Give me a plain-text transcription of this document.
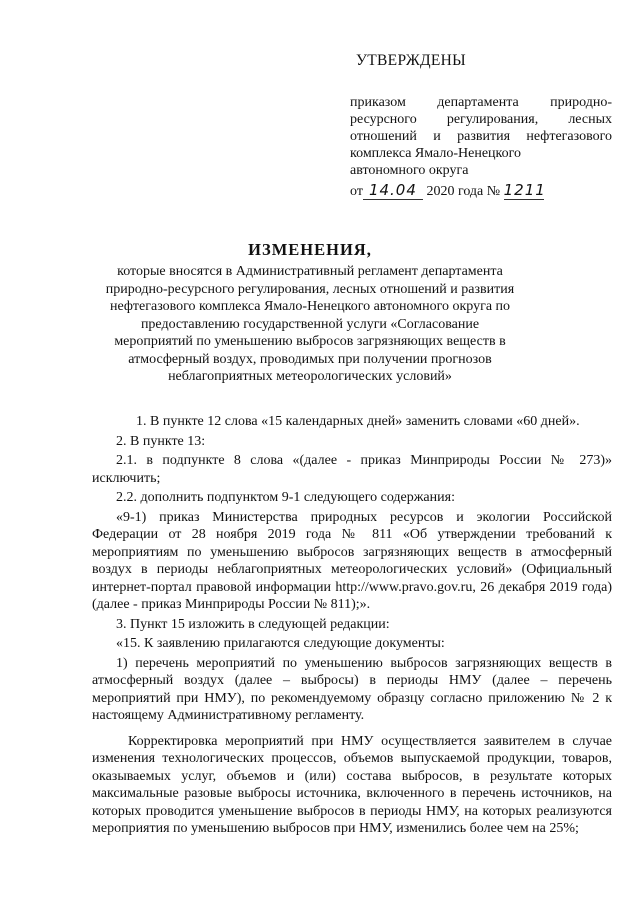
УТВЕРЖДЕНЫ
приказом департамента природно-
ресурсного регулирования, лесных
отношений и развития нефтегазового
комплекса Ямало-Ненецкого
автономного округа
от 14.04 2020 года № 1211
ИЗМЕНЕНИЯ,
которые вносятся в Административный регламент департамента природно-ресурсного регулирования, лесных отношений и развития нефтегазового комплекса Ямало-Ненецкого автономного округа по предоставлению государственной услуги «Согласование мероприятий по уменьшению выбросов загрязняющих веществ в атмосферный воздух, проводимых при получении прогнозов неблагоприятных метеорологических условий»

1. В пункте 12 слова «15 календарных дней» заменить словами «60 дней».

2. В пункте 13:

2.1. в подпункте 8 слова «(далее - приказ Минприроды России № 273)» исключить;

2.2. дополнить подпунктом 9-1 следующего содержания:

«9-1) приказ Министерства природных ресурсов и экологии Российской Федерации от 28 ноября 2019 года № 811 «Об утверждении требований к мероприятиям по уменьшению выбросов загрязняющих веществ в атмосферный воздух в периоды неблагоприятных метеорологических условий» (Официальный интернет-портал правовой информации http://www.pravo.gov.ru, 26 декабря 2019 года) (далее - приказ Минприроды России № 811);».

3. Пункт 15 изложить в следующей редакции:

«15. К заявлению прилагаются следующие документы:

1) перечень мероприятий по уменьшению выбросов загрязняющих веществ в атмосферный воздух (далее – выбросы) в периоды НМУ (далее – перечень мероприятий при НМУ), по рекомендуемому образцу согласно приложению № 2 к настоящему Административному регламенту.

Корректировка мероприятий при НМУ осуществляется заявителем в случае изменения технологических процессов, объемов выпускаемой продукции, товаров, оказываемых услуг, объемов и (или) состава выбросов, в результате которых максимальные разовые выбросы источника, включенного в перечень источников, на которых проводится уменьшение выбросов в периоды НМУ, на которых реализуются мероприятия по уменьшению выбросов при НМУ, изменились более чем на 25%;
